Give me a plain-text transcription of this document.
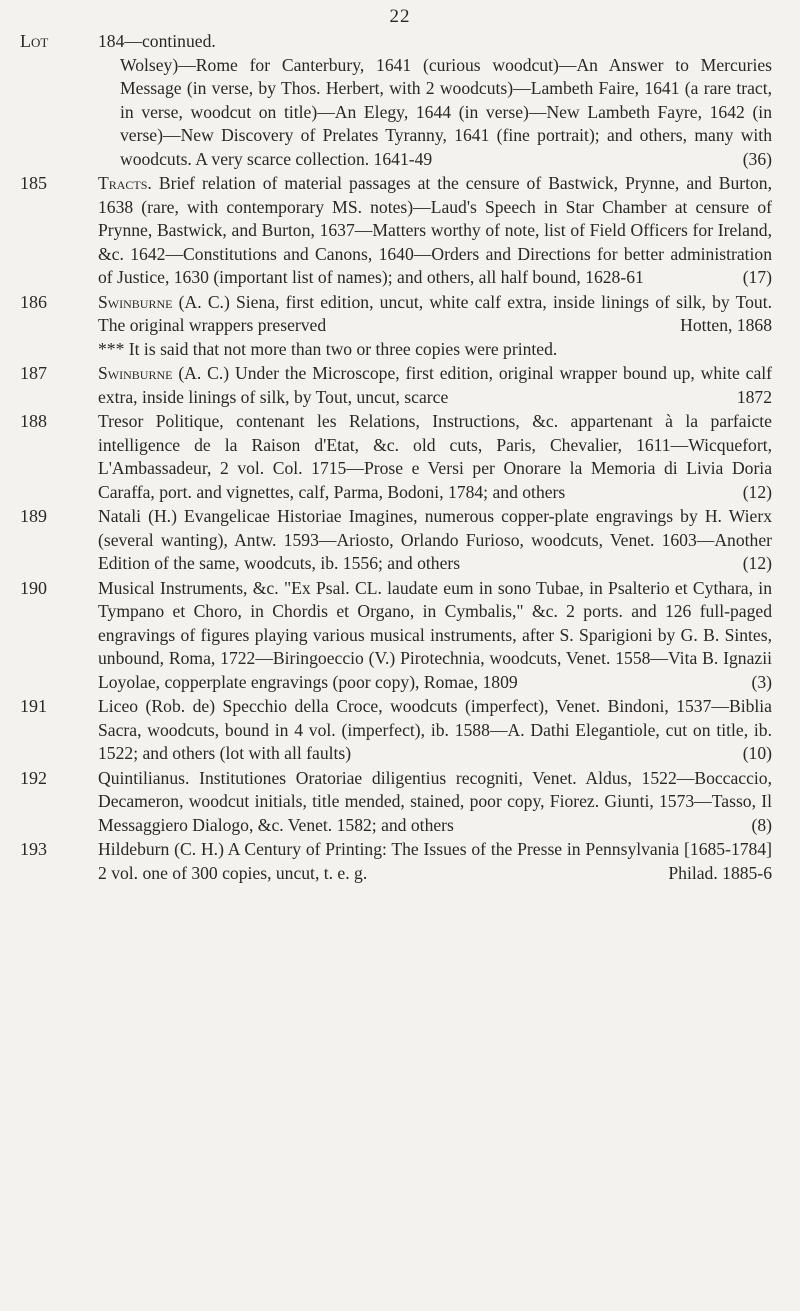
22
Lot	184—continued.
Wolsey)—Rome for Canterbury, 1641 (curious woodcut)—An Answer to Mercuries Message (in verse, by Thos. Herbert, with 2 woodcuts)—Lambeth Faire, 1641 (a rare tract, in verse, woodcut on title)—An Elegy, 1644 (in verse)—New Lambeth Fayre, 1642 (in verse)—New Discovery of Prelates Tyranny, 1641 (fine portrait); and others, many with woodcuts. A very scarce collection. 1641-49	(36)
185	Tracts. Brief relation of material passages at the censure of Bastwick, Prynne, and Burton, 1638 (rare, with contemporary MS. notes)—Laud's Speech in Star Chamber at censure of Prynne, Bastwick, and Burton, 1637—Matters worthy of note, list of Field Officers for Ireland, &c. 1642—Constitutions and Canons, 1640—Orders and Directions for better administration of Justice, 1630 (important list of names); and others, all half bound, 1628-61	(17)
186	Swinburne (A. C.) Siena, first edition, uncut, white calf extra, inside linings of silk, by Tout. The original wrappers preserved	Hotten, 1868
*** It is said that not more than two or three copies were printed.
187	Swinburne (A. C.) Under the Microscope, first edition, original wrapper bound up, white calf extra, inside linings of silk, by Tout, uncut, scarce	1872
188	Tresor Politique, contenant les Relations, Instructions, &c. appartenant à la parfaicte intelligence de la Raison d'Etat, &c. old cuts, Paris, Chevalier, 1611—Wicquefort, L'Ambassadeur, 2 vol. Col. 1715—Prose e Versi per Onorare la Memoria di Livia Doria Caraffa, port. and vignettes, calf, Parma, Bodoni, 1784; and others	(12)
189	Natali (H.) Evangelicae Historiae Imagines, numerous copper-plate engravings by H. Wierx (several wanting), Antw. 1593—Ariosto, Orlando Furioso, woodcuts, Venet. 1603—Another Edition of the same, woodcuts, ib. 1556; and others	(12)
190	Musical Instruments, &c. "Ex Psal. CL. laudate eum in sono Tubae, in Psalterio et Cythara, in Tympano et Choro, in Chordis et Organo, in Cymbalis," &c. 2 ports. and 126 full-paged engravings of figures playing various musical instruments, after S. Sparigioni by G. B. Sintes, unbound, Roma, 1722—Biringoeccio (V.) Pirotechnia, woodcuts, Venet. 1558—Vita B. Ignazii Loyolae, copperplate engravings (poor copy), Romae, 1809	(3)
191	Liceo (Rob. de) Specchio della Croce, woodcuts (imperfect), Venet. Bindoni, 1537—Biblia Sacra, woodcuts, bound in 4 vol. (imperfect), ib. 1588—A. Dathi Elegantiole, cut on title, ib. 1522; and others (lot with all faults)	(10)
192	Quintilianus. Institutiones Oratoriae diligentius recogniti, Venet. Aldus, 1522—Boccaccio, Decameron, woodcut initials, title mended, stained, poor copy, Fiorez. Giunti, 1573—Tasso, Il Messaggiero Dialogo, &c. Venet. 1582; and others	(8)
193	Hildeburn (C. H.) A Century of Printing: The Issues of the Presse in Pennsylvania [1685-1784] 2 vol. one of 300 copies, uncut, t. e. g.	Philad. 1885-6
